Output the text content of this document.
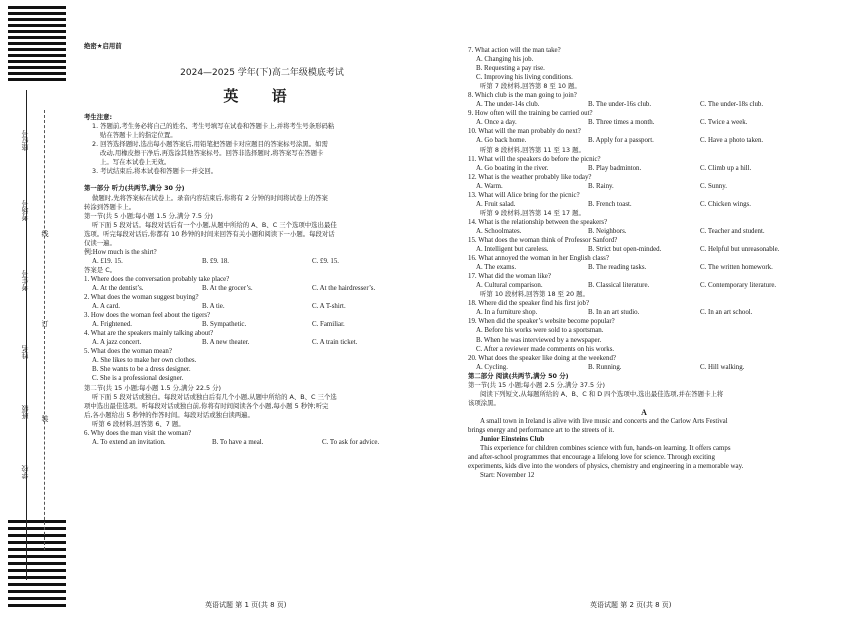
座位号
考场号
考生号
姓名
班级
学校
线
订
装
绝密★启用前
2024—2025 学年(下)高二年级模底考试
英 语
考生注意:
1. 答题前,考生务必将自己的姓名、考生号填写在试卷和答题卡上,并将考生号条形码粘
贴在答题卡上的指定位置。
2. 回答选择题时,选出每小题答案后,用铅笔把答题卡对应题目的答案标号涂黑。如需
改动,用橡皮擦干净后,再选涂其他答案标号。回答非选择题时,将答案写在答题卡
上。写在本试卷上无效。
3. 考试结束后,将本试卷和答题卡一并交回。
第一部分 听力(共两节,满分 30 分)
做题时,先将答案标在试卷上。录音内容结束后,你将有 2 分钟的时间将试卷上的答案
转涂到答题卡上。
第一节(共 5 小题;每小题 1.5 分,满分 7.5 分)
听下面 5 段对话。每段对话后有一个小题,从题中所给的 A、B、C 三个选项中选出最佳
选项。听完每段对话后,你都有 10 秒钟的时间来回答有关小题和阅读下一小题。每段对话
仅读一遍。
例:How much is the shirt?
A. £19. 15.	B. £9. 18.	C. £9. 15.
答案是 C。
1. Where does the conversation probably take place?
A. At the dentist’s.	B. At the grocer’s.	C. At the hairdresser’s.
2. What does the woman suggest buying?
A. A card.	B. A tie.	C. A T-shirt.
3. How does the woman feel about the tigers?
A. Frightened.	B. Sympathetic.	C. Familiar.
4. What are the speakers mainly talking about?
A. A jazz concert.	B. A new theater.	C. A train ticket.
5. What does the woman mean?
A. She likes to make her own clothes.
B. She wants to be a dress designer.
C. She is a professional designer.
第二节(共 15 小题;每小题 1.5 分,满分 22.5 分)
听下面 5 段对话或独白。每段对话或独白后有几个小题,从题中所给的 A、B、C 三个选
项中选出最佳选项。听每段对话或独白前,你将有时间阅读各个小题,每小题 5 秒钟;听完
后,各小题给出 5 秒钟的作答时间。每段对话或独白读两遍。
听第 6 段材料,回答第 6、7 题。
6. Why does the man visit the woman?
A. To extend an invitation.	B. To have a meal.	C. To ask for advice.
7. What action will the man take?
A. Changing his job.
B. Requesting a pay rise.
C. Improving his living conditions.
听第 7 段材料,回答第 8 至 10 题。
8. Which club is the man going to join?
A. The under-14s club.	B. The under-16s club.	C. The under-18s club.
9. How often will the training be carried out?
A. Once a day.	B. Three times a month.	C. Twice a week.
10. What will the man probably do next?
A. Go back home.	B. Apply for a passport.	C. Have a photo taken.
听第 8 段材料,回答第 11 至 13 题。
11. What will the speakers do before the picnic?
A. Go boating in the river.	B. Play badminton.	C. Climb up a hill.
12. What is the weather probably like today?
A. Warm.	B. Rainy.	C. Sunny.
13. What will Alice bring for the picnic?
A. Fruit salad.	B. French toast.	C. Chicken wings.
听第 9 段材料,回答第 14 至 17 题。
14. What is the relationship between the speakers?
A. Schoolmates.	B. Neighbors.	C. Teacher and student.
15. What does the woman think of Professor Sanford?
A. Intelligent but careless.	B. Strict but open-minded.	C. Helpful but unreasonable.
16. What annoyed the woman in her English class?
A. The exams.	B. The reading tasks.	C. The written homework.
17. What did the woman like?
A. Cultural comparison.	B. Classical literature.	C. Contemporary literature.
听第 10 段材料,回答第 18 至 20 题。
18. Where did the speaker find his first job?
A. In a furniture shop.	B. In an art studio.	C. In an art school.
19. When did the speaker’s website become popular?
A. Before his works were sold to a sportsman.
B. When he was interviewed by a newspaper.
C. After a reviewer made comments on his works.
20. What does the speaker like doing at the weekend?
A. Cycling.	B. Running.	C. Hill walking.
第二部分 阅读(共两节,满分 50 分)
第一节(共 15 小题;每小题 2.5 分,满分 37.5 分)
阅读下列短文,从每题所给的 A、B、C 和 D 四个选项中,选出最佳选项,并在答题卡上将
该项涂黑。
A
A small town in Ireland is alive with live music and concerts and the Carlow Arts Festival
brings energy and performance art to the streets of it.
Junior Einsteins Club
This experience for children combines science with fun, hands-on learning. It offers camps
and after-school programmes that encourage a lifelong love for science. Through exciting
experiments, kids dive into the wonders of physics, chemistry and engineering in a memorable way.
Start: November 12
英语试题 第 1 页(共 8 页)	英语试题 第 2 页(共 8 页)
